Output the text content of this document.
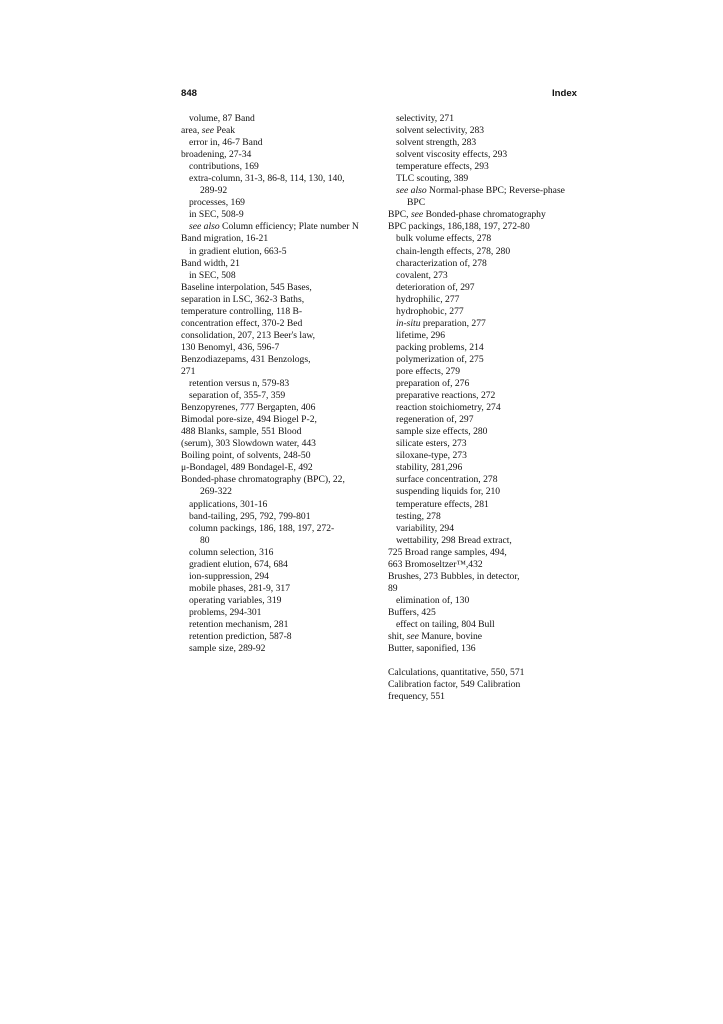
848	Index
volume, 87 Band
area, see Peak
error in, 46-7 Band
broadening, 27-34
contributions, 169
extra-column, 31-3, 86-8, 114, 130, 140,
289-92
processes, 169
in SEC, 508-9
see also Column efficiency; Plate number N
Band migration, 16-21
in gradient elution, 663-5
Band width, 21
in SEC, 508
Baseline interpolation, 545 Bases,
separation in LSC, 362-3 Baths,
temperature controlling, 118 B-
concentration effect, 370-2 Bed
consolidation, 207, 213 Beer's law,
130 Benomyl, 436, 596-7
Benzodiazepams, 431 Benzologs,
271
retention versus n, 579-83
separation of, 355-7, 359
Benzopyrenes, 777 Bergapten, 406
Bimodal pore-size, 494 Biogel P-2,
488 Blanks, sample, 551 Blood
(serum), 303 Slowdown water, 443
Boiling point, of solvents, 248-50
μ-Bondagel, 489 Bondagel-E, 492
Bonded-phase chromatography (BPC), 22,
269-322
applications, 301-16
band-tailing, 295, 792, 799-801
column packings, 186, 188, 197, 272-
80
column selection, 316
gradient elution, 674, 684
ion-suppression, 294
mobile phases, 281-9, 317
operating variables, 319
problems, 294-301
retention mechanism, 281
retention prediction, 587-8
sample size, 289-92
selectivity, 271
solvent selectivity, 283
solvent strength, 283
solvent viscosity effects, 293
temperature effects, 293
TLC scouting, 389
see also Normal-phase BPC; Reverse-phase
BPC
BPC, see Bonded-phase chromatography
BPC packings, 186,188, 197, 272-80
bulk volume effects, 278
chain-length effects, 278, 280
characterization of, 278
covalent, 273
deterioration of, 297
hydrophilic, 277
hydrophobic, 277
in-situ preparation, 277
lifetime, 296
packing problems, 214
polymerization of, 275
pore effects, 279
preparation of, 276
preparative reactions, 272
reaction stoichiometry, 274
regeneration of, 297
sample size effects, 280
silicate esters, 273
siloxane-type, 273
stability, 281,296
surface concentration, 278
suspending liquids for, 210
temperature effects, 281
testing, 278
variability, 294
wettability, 298 Bread extract,
725 Broad range samples, 494,
663 Bromoseltzer™,432
Brushes, 273 Bubbles, in detector,
89
elimination of, 130
Buffers, 425
effect on tailing, 804 Bull
shit, see Manure, bovine
Butter, saponified, 136
Calculations, quantitative, 550, 571
Calibration factor, 549 Calibration
frequency, 551
